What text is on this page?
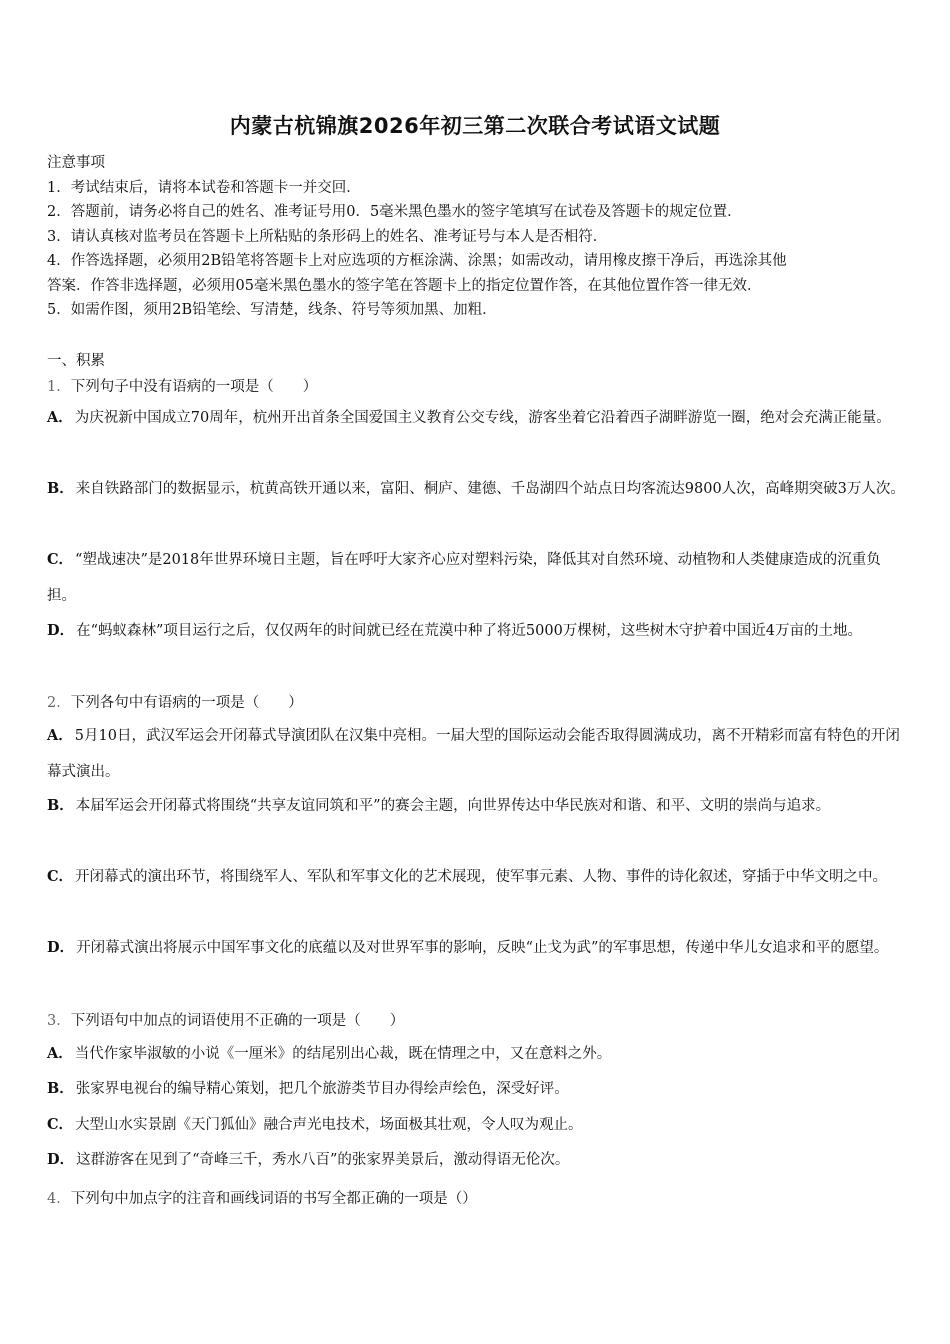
内蒙古杭锦旗2026年初三第二次联合考试语文试题
注意事项
1．考试结束后，请将本试卷和答题卡一并交回．
2．答题前，请务必将自己的姓名、准考证号用0．5毫米黑色墨水的签字笔填写在试卷及答题卡的规定位置．
3．请认真核对监考员在答题卡上所粘贴的条形码上的姓名、准考证号与本人是否相符．
4．作答选择题，必须用2B铅笔将答题卡上对应选项的方框涂满、涂黑；如需改动，请用橡皮擦干净后，再选涂其他
答案．作答非选择题，必须用05毫米黑色墨水的签字笔在答题卡上的指定位置作答，在其他位置作答一律无效．
5．如需作图，须用2B铅笔绘、写清楚，线条、符号等须加黑、加粗．
一、积累
1．下列句子中没有语病的一项是（　　）
A． 为庆祝新中国成立70周年，杭州开出首条全国爱国主义教育公交专线，游客坐着它沿着西子湖畔游览一圈，绝对会充满正能量。
B． 来自铁路部门的数据显示，杭黄高铁开通以来，富阳、桐庐、建德、千岛湖四个站点日均客流达9800人次，高峰期突破3万人次。
C． “塑战速决”是2018年世界环境日主题，旨在呼吁大家齐心应对塑料污染，降低其对自然环境、动植物和人类健康造成的沉重负担。
D． 在“蚂蚁森林”项目运行之后，仅仅两年的时间就已经在荒漠中种了将近5000万棵树，这些树木守护着中国近4万亩的土地。
2．下列各句中有语病的一项是（　　）
A． 5月10日，武汉军运会开闭幕式导演团队在汉集中亮相。一届大型的国际运动会能否取得圆满成功，离不开精彩而富有特色的开闭幕式演出。
B． 本届军运会开闭幕式将围绕“共享友谊同筑和平”的赛会主题，向世界传达中华民族对和谐、和平、文明的崇尚与追求。
C． 开闭幕式的演出环节，将围绕军人、军队和军事文化的艺术展现，使军事元素、人物、事件的诗化叙述，穿插于中华文明之中。
D． 开闭幕式演出将展示中国军事文化的底蕴以及对世界军事的影响，反映“止戈为武”的军事思想，传递中华儿女追求和平的愿望。
3．下列语句中加点的词语使用不正确的一项是（　　）
A． 当代作家毕淑敏的小说《一厘米》的结尾别出心裁，既在情理之中，又在意料之外。
B． 张家界电视台的编导精心策划，把几个旅游类节目办得绘声绘色，深受好评。
C． 大型山水实景剧《天门狐仙》融合声光电技术，场面极其壮观，令人叹为观止。
D． 这群游客在见到了“奇峰三千，秀水八百”的张家界美景后，激动得语无伦次。
4．下列句中加点字的注音和画线词语的书写全都正确的一项是（）
